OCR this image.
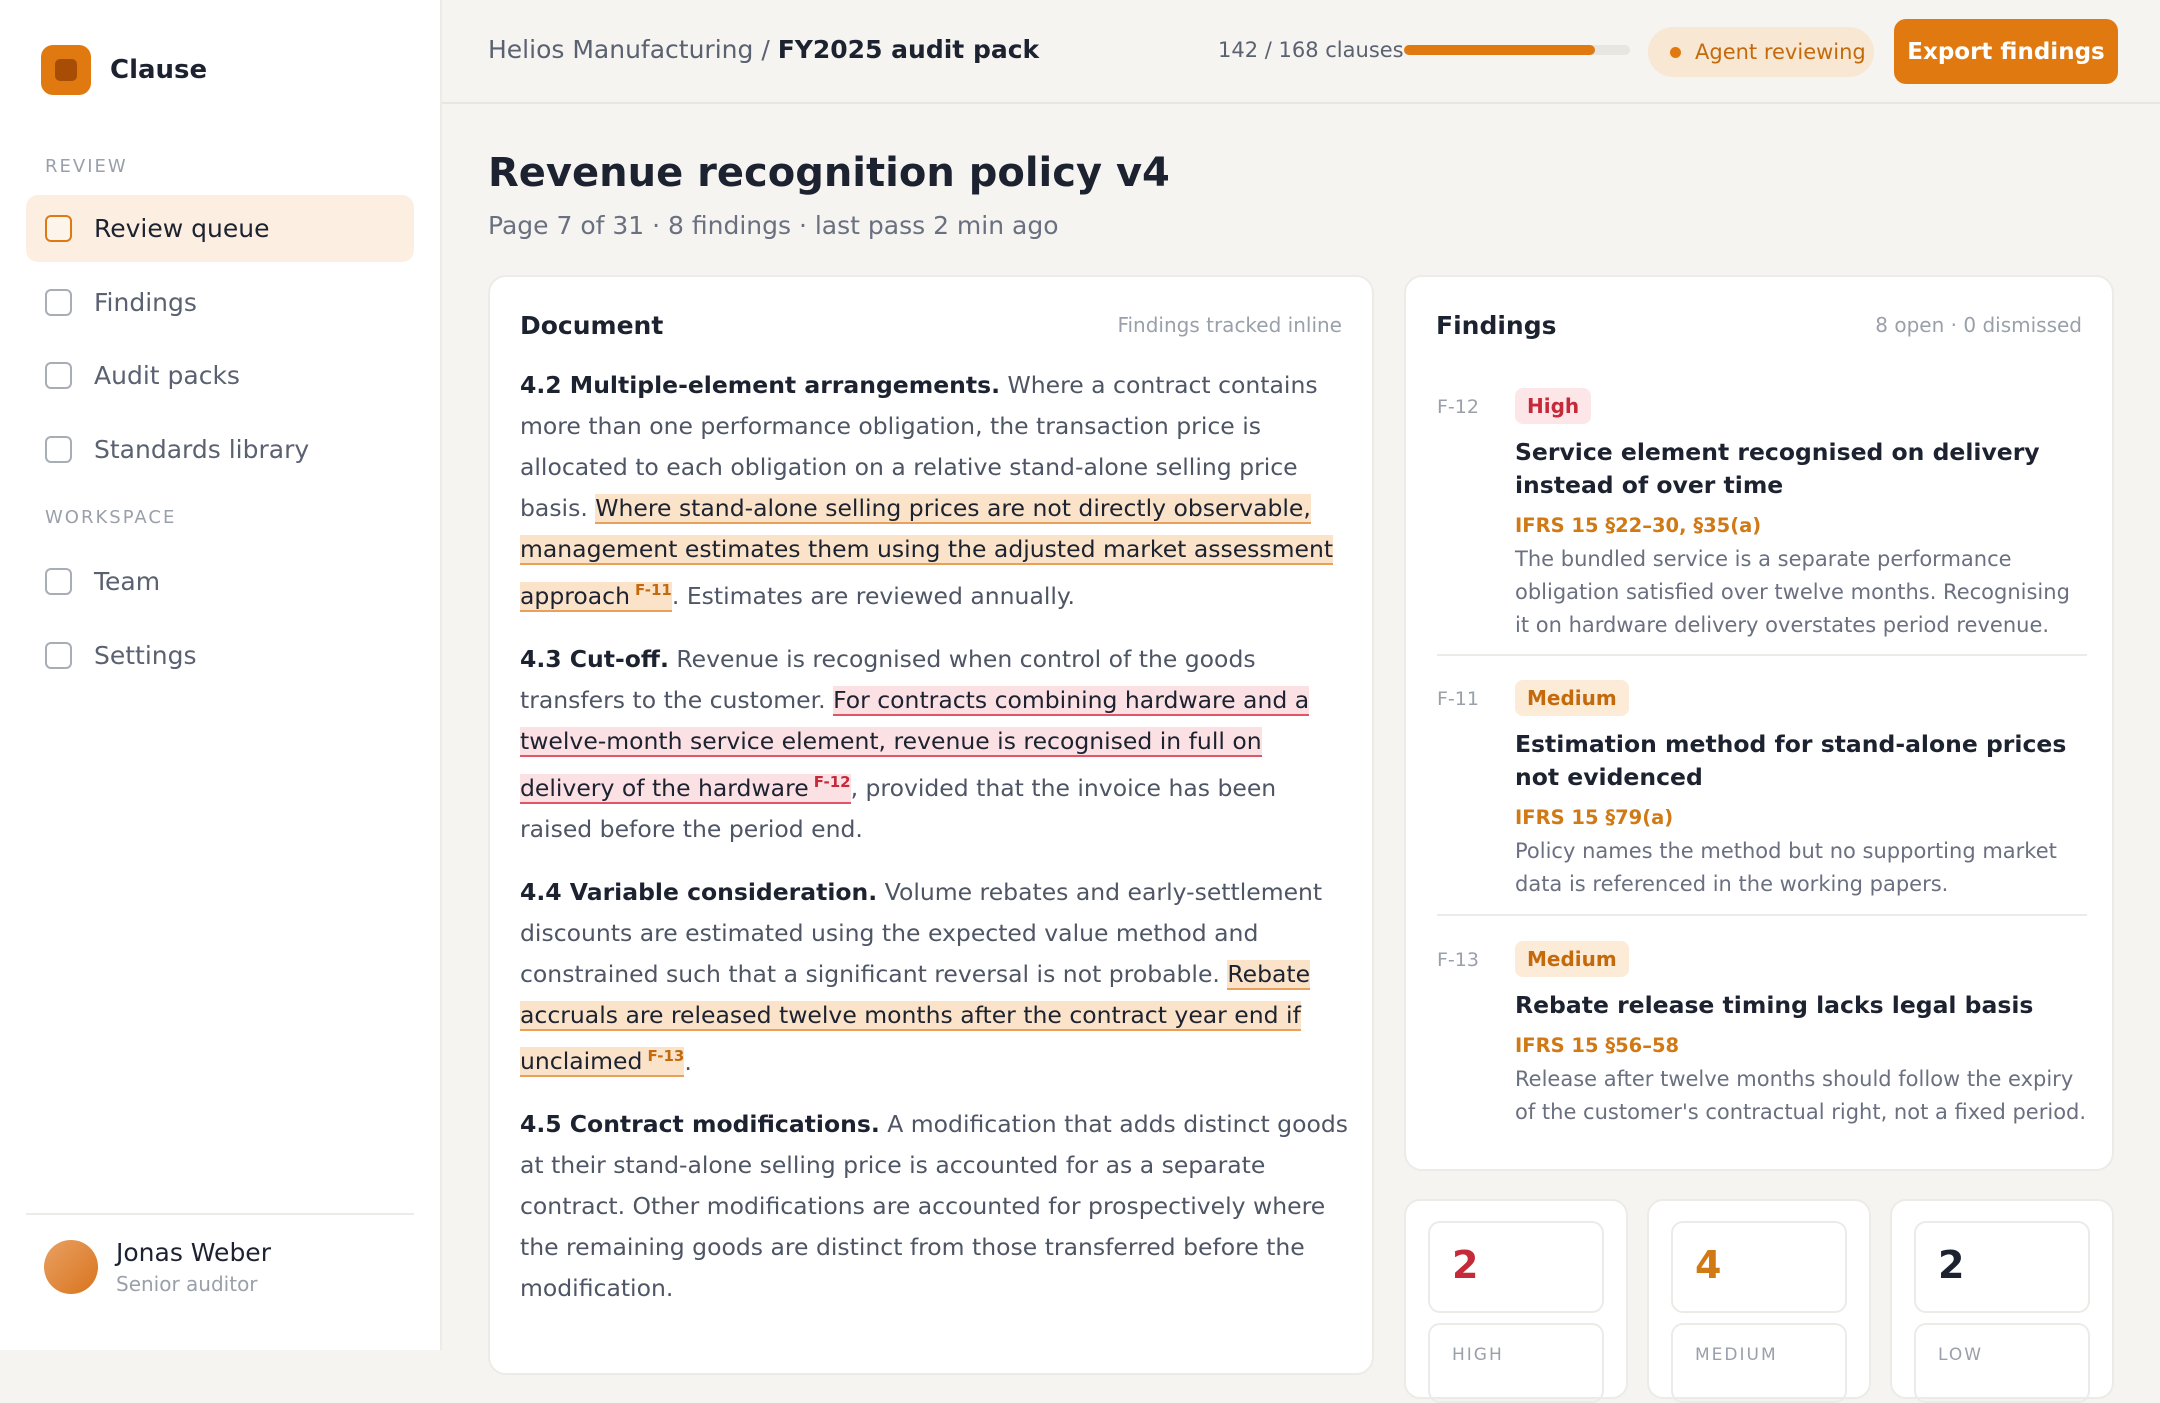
Clause
REVIEW
Review queue
Findings
Audit packs
Standards library
WORKSPACE
Team
Settings
Jonas Weber
Senior auditor
Helios Manufacturing / FY2025 audit pack	142 / 168 clauses	Agent reviewing	Export findings
Revenue recognition policy v4
Page 7 of 31 · 8 findings · last pass 2 min ago
Document	Findings tracked inline

4.2 Multiple-element arrangements. Where a contract contains more than one performance obligation, the transaction price is allocated to each obligation on a relative stand-alone selling price basis. Where stand-alone selling prices are not directly observable, management estimates them using the adjusted market assessment approach $^{F-11}$. Estimates are reviewed annually.

4.3 Cut-off. Revenue is recognised when control of the goods transfers to the customer. For contracts combining hardware and a twelve-month service element, revenue is recognised in full on delivery of the hardware $^{F-12}$, provided that the invoice has been raised before the period end.

4.4 Variable consideration. Volume rebates and early-settlement discounts are estimated using the expected value method and constrained such that a significant reversal is not probable. Rebate accruals are released twelve months after the contract year end if unclaimed $^{F-13}$.

4.5 Contract modifications. A modification that adds distinct goods at their stand-alone selling price is accounted for as a separate contract. Other modifications are accounted for prospectively where the remaining goods are distinct from those transferred before the modification.

Findings	8 open · 0 dismissed
F-12	High
Service element recognised on delivery instead of over time
IFRS 15 §22–30, §35(a)
The bundled service is a separate performance obligation satisfied over twelve months. Recognising it on hardware delivery overstates period revenue.
F-11	Medium
Estimation method for stand-alone prices not evidenced
IFRS 15 §79(a)
Policy names the method but no supporting market data is referenced in the working papers.
F-13	Medium
Rebate release timing lacks legal basis
IFRS 15 §56–58
Release after twelve months should follow the expiry of the customer's contractual right, not a fixed period.
2
HIGH
4
MEDIUM
2
LOW
